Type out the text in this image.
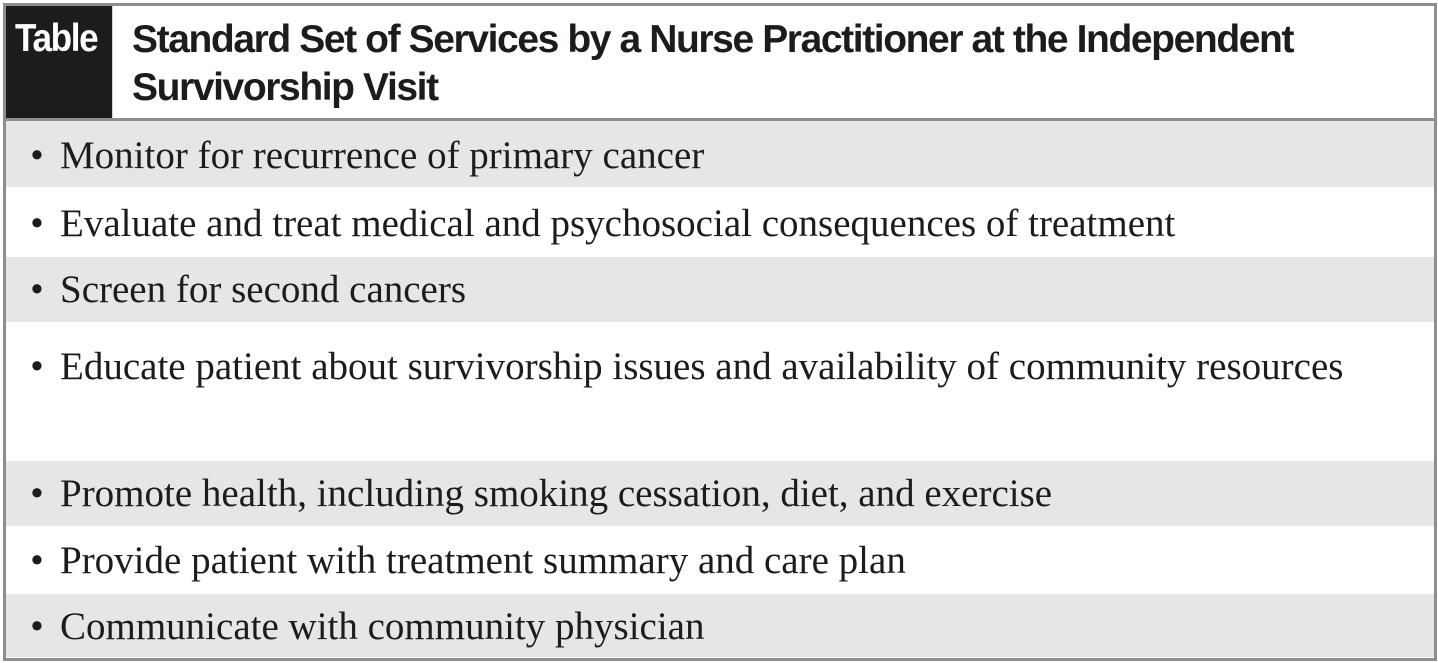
Table Standard Set of Services by a Nurse Practitioner at the Independent Survivorship Visit
• Monitor for recurrence of primary cancer
• Evaluate and treat medical and psychosocial consequences of treatment
• Screen for second cancers
• Educate patient about survivorship issues and availability of community resources
• Promote health, including smoking cessation, diet, and exercise
• Provide patient with treatment summary and care plan
• Communicate with community physician
